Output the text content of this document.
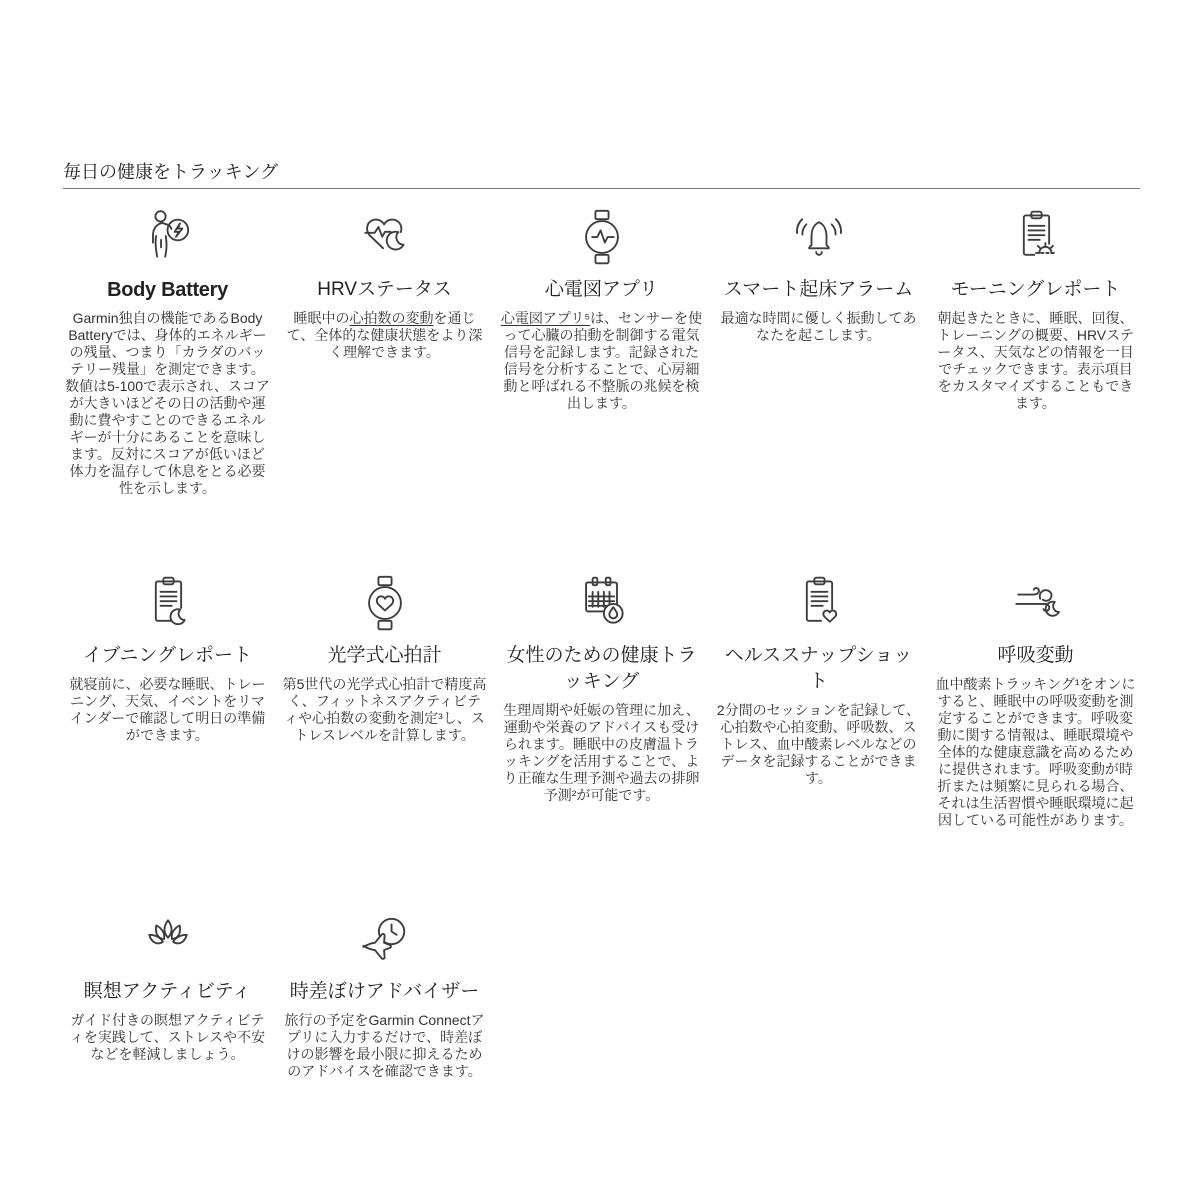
毎日の健康をトラッキング
Body Battery

Garmin独自の機能であるBody Batteryでは、身体的エネルギーの残量、つまり「カラダのバッテリー残量」を測定できます。数値は5-100で表示され、スコアが大きいほどその日の活動や運動に費やすことのできるエネルギーが十分にあることを意味します。反対にスコアが低いほど体力を温存して休息をとる必要性を示します。

HRVステータス

睡眠中の心拍数の変動を通じて、全体的な健康状態をより深く理解できます。

心電図アプリ

心電図アプリ⁵は、センサーを使って心臓の拍動を制御する電気信号を記録します。記録された信号を分析することで、心房細動と呼ばれる不整脈の兆候を検出します。

スマート起床アラーム

最適な時間に優しく振動してあなたを起こします。

モーニングレポート

朝起きたときに、睡眠、回復、トレーニングの概要、HRVステータス、天気などの情報を一目でチェックできます。表示項目をカスタマイズすることもできます。

イブニングレポート

就寝前に、必要な睡眠、トレーニング、天気、イベントをリマインダーで確認して明日の準備ができます。

光学式心拍計

第5世代の光学式心拍計で精度高く、フィットネスアクティビティや心拍数の変動を測定³し、ストレスレベルを計算します。

女性のための健康トラッキング

生理周期や妊娠の管理に加え、運動や栄養のアドバイスも受けられます。睡眠中の皮膚温トラッキングを活用することで、より正確な生理予測や過去の排卵予測²が可能です。

ヘルススナップショット

2分間のセッションを記録して、心拍数や心拍変動、呼吸数、ストレス、血中酸素レベルなどのデータを記録することができます。

呼吸変動

血中酸素トラッキング¹をオンにすると、睡眠中の呼吸変動を測定することができます。呼吸変動に関する情報は、睡眠環境や全体的な健康意識を高めるために提供されます。呼吸変動が時折または頻繁に見られる場合、それは生活習慣や睡眠環境に起因している可能性があります。

瞑想アクティビティ

ガイド付きの瞑想アクティビティを実践して、ストレスや不安などを軽減しましょう。

時差ぼけアドバイザー

旅行の予定をGarmin Connectアプリに入力するだけで、時差ぼけの影響を最小限に抑えるためのアドバイスを確認できます。
